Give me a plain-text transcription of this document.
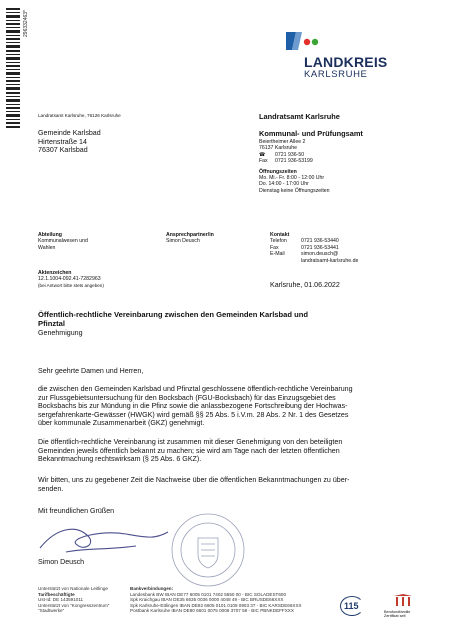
296332463*
LANDKREIS
KARLSRUHE
Landratsamt Karlsruhe, 76126 Karlsruhe
Gemeinde Karlsbad
Hirtenstraße 14
76307 Karlsbad
Landratsamt Karlsruhe
Kommunal- und Prüfungsamt
Beiertheimer Allee 2
76137 Karlsruhe
☎ 0721 936-50
Fax 0721 936-53199
Öffnungszeiten
Mo. Mi.- Fr. 8:00 - 12:00 Uhr
Do. 14:00 - 17:00 Uhr
Dienstag keine Öffnungszeiten
Abteilung
Kommunalwesen und
Wahlen
Ansprechpartner/in
Simon Deusch
Kontakt
Telefon	0721 936-53440
Fax	0721 936-53441
E-Mail	simon.deusch@
landratsamt-karlsruhe.de
Aktenzeichen
12.1.1004-092.41-7282963
(bei Antwort bitte stets angeben)	Karlsruhe, 01.06.2022
Öffentlich-rechtliche Vereinbarung zwischen den Gemeinden Karlsbad und
Pfinztal
Genehmigung
Sehr geehrte Damen und Herren,
die zwischen den Gemeinden Karlsbad und Pfinztal geschlossene öffentlich-rechtliche Vereinbarung
zur Flussgebietsuntersuchung für den Bocksbach (FGU-Bocksbach) für das Einzugsgebiet des
Bocksbachs bis zur Mündung in die Pfinz sowie die anlassbezogene Fortschreibung der Hochwas-
sergefahrenkarte-Gewässer (HWGK) wird gemäß §§ 25 Abs. 5 i.V.m. 28 Abs. 2 Nr. 1 des Gesetzes
über kommunale Zusammenarbeit (GKZ) genehmigt.
Die öffentlich-rechtliche Vereinbarung ist zusammen mit dieser Genehmigung von den beteiligten
Gemeinden jeweils öffentlich bekannt zu machen; sie wird am Tage nach der letzten öffentlichen
Bekanntmachung rechtswirksam (§ 25 Abs. 6 GKZ).
Wir bitten, uns zu gegebener Zeit die Nachweise über die öffentlichen Bekanntmachungen zu über-
senden.
Mit freundlichen Grüßen
Simon Deusch
Unterstützt von Nationale Leitlinge
Tarifbeschäftigte
Ust-Id: DE 143591011
Unterstützt von "Kongresszentrum"
"Stadtwerke"
Bankverbindungen:
Landesbank BW IBAN DE77 6005 0101 7402 5650 00 - BIC SOLADEST600
Spk Kraichgau IBAN DE35 6635 0036 0000 4048 49 - BIC BRUSDE66XXX
Spk Karlsruhe-Ettlingen IBAN DE82 6605 0101 0108 0903 37 - BIC KARSDE66XXX
Postbank Karlsruhe IBAN DE80 6601 0075 0006 3707 58 - BIC PBNKDEFFXXX	115
Berufundfamilie
Zertifikat seit
